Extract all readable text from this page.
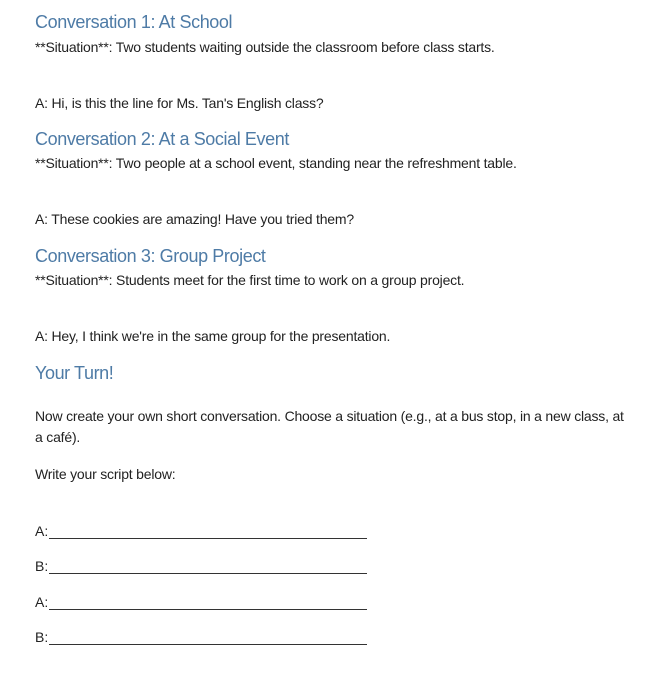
Conversation 1: At School
**Situation**: Two students waiting outside the classroom before class starts.
A: Hi, is this the line for Ms. Tan's English class?
Conversation 2: At a Social Event
**Situation**: Two people at a school event, standing near the refreshment table.
A: These cookies are amazing! Have you tried them?
Conversation 3: Group Project
**Situation**: Students meet for the first time to work on a group project.
A: Hey, I think we're in the same group for the presentation.
Your Turn!
Now create your own short conversation. Choose a situation (e.g., at a bus stop, in a new class, at a café).
Write your script below:
A:
B:
A:
B:
